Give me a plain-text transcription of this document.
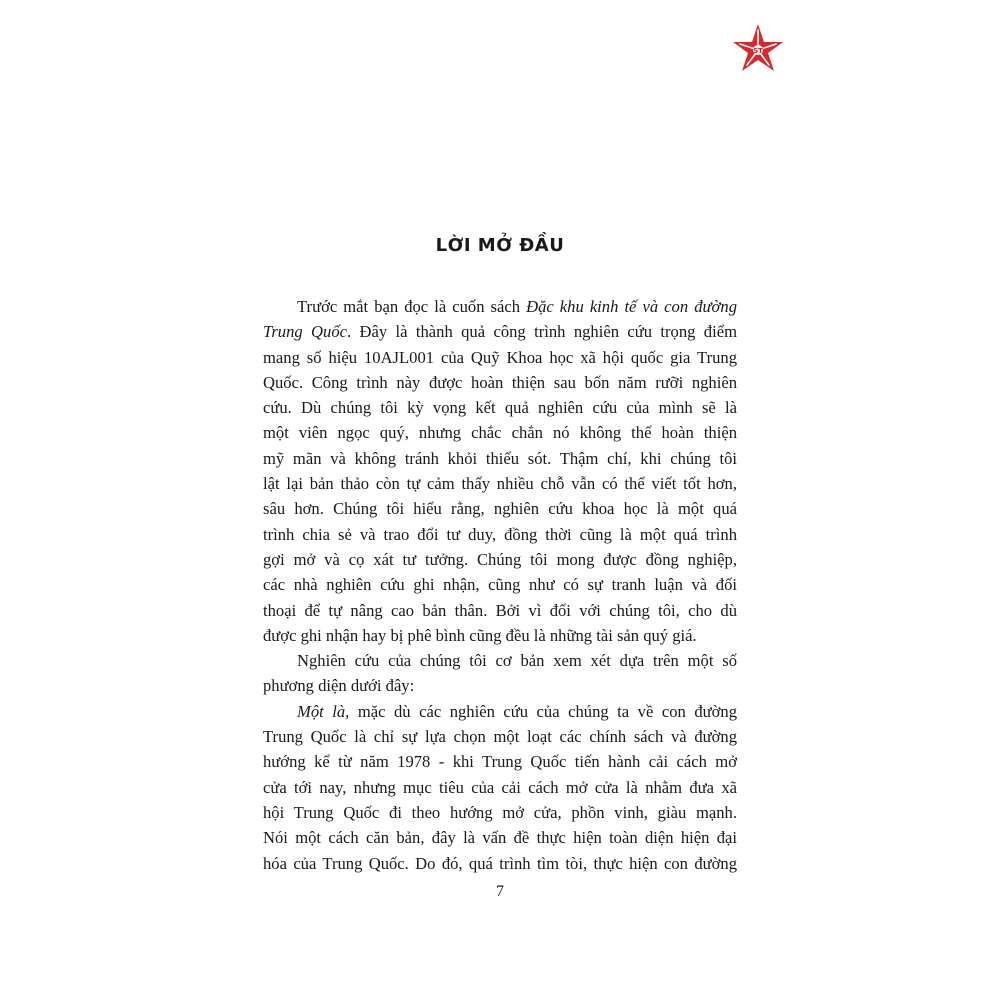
ST
LỜI MỞ ĐẦU
Trước mắt bạn đọc là cuốn sách Đặc khu kinh tế và con đường
Trung Quốc. Đây là thành quả công trình nghiên cứu trọng điểm
mang số hiệu 10AJL001 của Quỹ Khoa học xã hội quốc gia Trung
Quốc. Công trình này được hoàn thiện sau bốn năm rưỡi nghiên
cứu. Dù chúng tôi kỳ vọng kết quả nghiên cứu của mình sẽ là
một viên ngọc quý, nhưng chắc chắn nó không thể hoàn thiện
mỹ mãn và không tránh khỏi thiếu sót. Thậm chí, khi chúng tôi
lật lại bản thảo còn tự cảm thấy nhiều chỗ vẫn có thể viết tốt hơn,
sâu hơn. Chúng tôi hiểu rằng, nghiên cứu khoa học là một quá
trình chia sẻ và trao đổi tư duy, đồng thời cũng là một quá trình
gợi mở và cọ xát tư tưởng. Chúng tôi mong được đồng nghiệp,
các nhà nghiên cứu ghi nhận, cũng như có sự tranh luận và đối
thoại để tự nâng cao bản thân. Bởi vì đối với chúng tôi, cho dù
được ghi nhận hay bị phê bình cũng đều là những tài sản quý giá.
Nghiên cứu của chúng tôi cơ bản xem xét dựa trên một số
phương diện dưới đây:
Một là, mặc dù các nghiên cứu của chúng ta về con đường
Trung Quốc là chỉ sự lựa chọn một loạt các chính sách và đường
hướng kể từ năm 1978 - khi Trung Quốc tiến hành cải cách mở
cửa tới nay, nhưng mục tiêu của cải cách mở cửa là nhằm đưa xã
hội Trung Quốc đi theo hướng mở cửa, phồn vinh, giàu mạnh.
Nói một cách căn bản, đây là vấn đề thực hiện toàn diện hiện đại
hóa của Trung Quốc. Do đó, quá trình tìm tòi, thực hiện con đường
7
